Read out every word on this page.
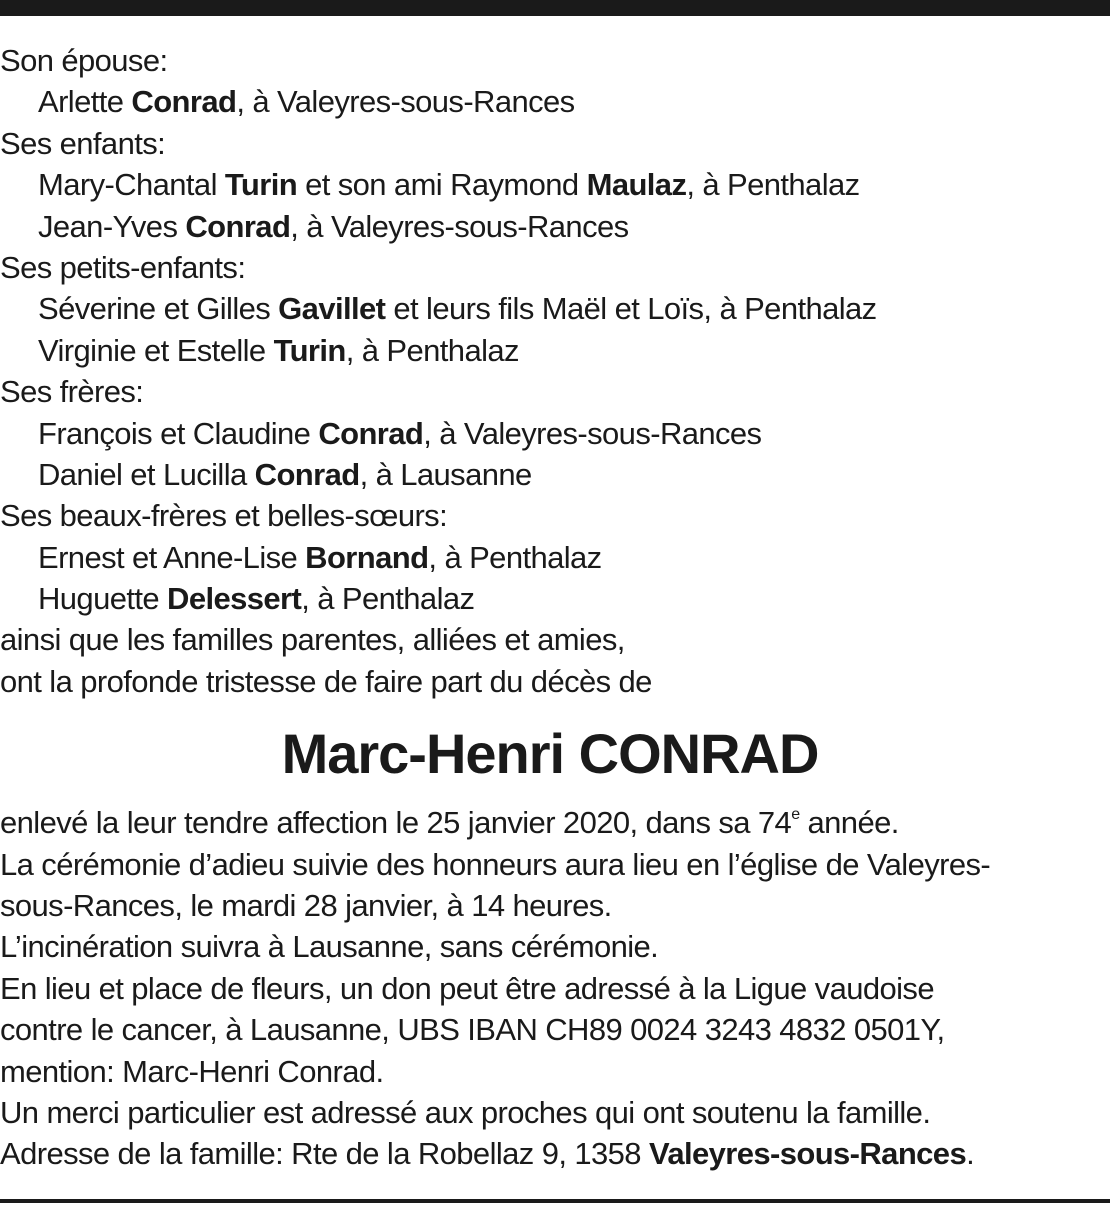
Son épouse:
Arlette Conrad, à Valeyres-sous-Rances
Ses enfants:
Mary-Chantal Turin et son ami Raymond Maulaz, à Penthalaz
Jean-Yves Conrad, à Valeyres-sous-Rances
Ses petits-enfants:
Séverine et Gilles Gavillet et leurs fils Maël et Loïs, à Penthalaz
Virginie et Estelle Turin, à Penthalaz
Ses frères:
François et Claudine Conrad, à Valeyres-sous-Rances
Daniel et Lucilla Conrad, à Lausanne
Ses beaux-frères et belles-sœurs:
Ernest et Anne-Lise Bornand, à Penthalaz
Huguette Delessert, à Penthalaz
ainsi que les familles parentes, alliées et amies,
ont la profonde tristesse de faire part du décès de
Marc-Henri CONRAD
enlevé la leur tendre affection le 25 janvier 2020, dans sa 74e année.
La cérémonie d’adieu suivie des honneurs aura lieu en l’église de Valeyres-
sous-Rances, le mardi 28 janvier, à 14 heures.
L’incinération suivra à Lausanne, sans cérémonie.
En lieu et place de fleurs, un don peut être adressé à la Ligue vaudoise
contre le cancer, à Lausanne, UBS IBAN CH89 0024 3243 4832 0501Y,
mention: Marc-Henri Conrad.
Un merci particulier est adressé aux proches qui ont soutenu la famille.
Adresse de la famille: Rte de la Robellaz 9, 1358 Valeyres-sous-Rances.
